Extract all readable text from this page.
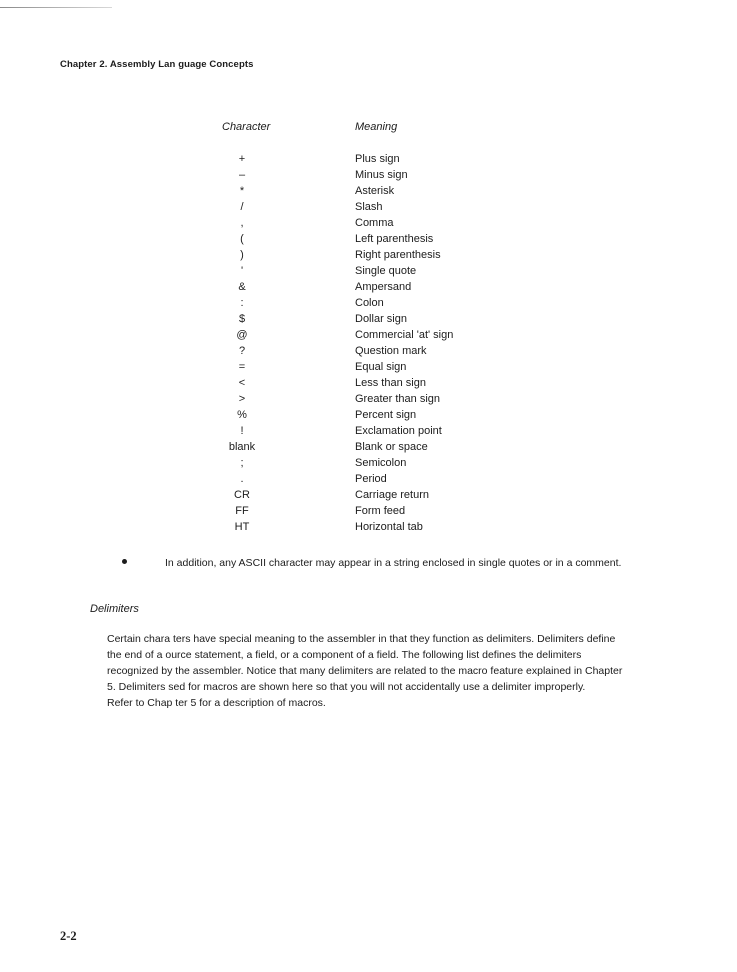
Chapter 2. Assembly Lan guage Concepts
Character	Meaning
+	Plus sign
–	Minus sign
*	Asterisk
/	Slash
,	Comma
(	Left parenthesis
)	Right parenthesis
'	Single quote
&	Ampersand
:	Colon
$	Dollar sign
@	Commercial 'at' sign
?	Question mark
=	Equal sign
<	Less than sign
>	Greater than sign
%	Percent sign
!	Exclamation point
blank	Blank or space
;	Semicolon
.	Period
CR	Carriage return
FF	Form feed
HT	Horizontal tab
In addition, any ASCII character may appear in a string enclosed in single quotes or in a comment.
Delimiters
Certain chara ters have special meaning to the assembler in that they function as delimiters. Delimiters define
the end of a ource statement, a field, or a component of a field. The following list defines the delimiters
recognized by the assembler. Notice that many delimiters are related to the macro feature explained in Chapter
5. Delimiters sed for macros are shown here so that you will not accidentally use a delimiter improperly.
Refer to Chap ter 5 for a description of macros.
2-2
